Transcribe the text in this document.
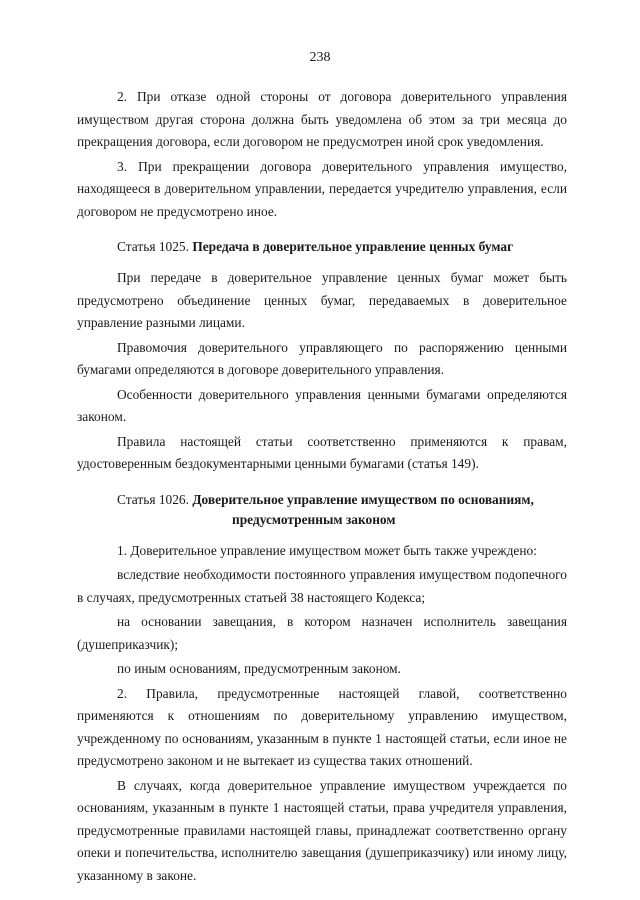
238

2. При отказе одной стороны от договора доверительного управления имуществом другая сторона должна быть уведомлена об этом за три месяца до прекращения договора, если договором не предусмотрен иной срок уведомления.

3. При прекращении договора доверительного управления имущество, находящееся в доверительном управлении, передается учредителю управления, если договором не предусмотрено иное.

Статья 1025. Передача в доверительное управление ценных бумаг

При передаче в доверительное управление ценных бумаг может быть предусмотрено объединение ценных бумаг, передаваемых в доверительное управление разными лицами.

Правомочия доверительного управляющего по распоряжению ценными бумагами определяются в договоре доверительного управления.

Особенности доверительного управления ценными бумагами определяются законом.

Правила настоящей статьи соответственно применяются к правам, удостоверенным бездокументарными ценными бумагами (статья 149).

Статья 1026. Доверительное управление имуществом по основаниям,
предусмотренным законом

1. Доверительное управление имуществом может быть также учреждено:

вследствие необходимости постоянного управления имуществом подопечного в случаях, предусмотренных статьей 38 настоящего Кодекса;

на основании завещания, в котором назначен исполнитель завещания (душеприказчик);

по иным основаниям, предусмотренным законом.

2. Правила, предусмотренные настоящей главой, соответственно применяются к отношениям по доверительному управлению имуществом, учрежденному по основаниям, указанным в пункте 1 настоящей статьи, если иное не предусмотрено законом и не вытекает из существа таких отношений.

В случаях, когда доверительное управление имуществом учреждается по основаниям, указанным в пункте 1 настоящей статьи, права учредителя управления, предусмотренные правилами настоящей главы, принадлежат соответственно органу опеки и попечительства, исполнителю завещания (душеприказчику) или иному лицу, указанному в законе.
